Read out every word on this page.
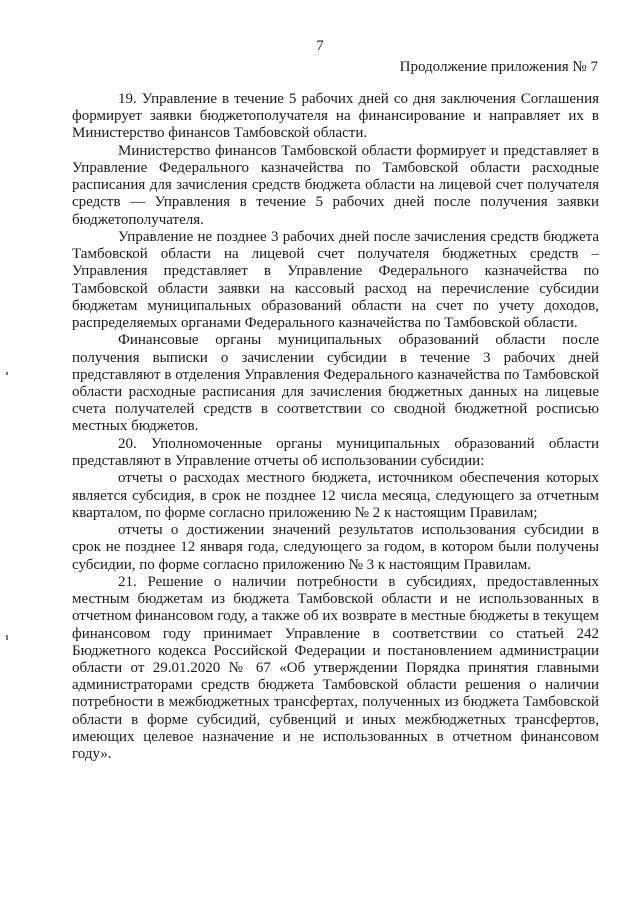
7
Продолжение приложения № 7

19. Управление в течение 5 рабочих дней со дня заключения Соглашения формирует заявки бюджетополучателя на финансирование и направляет их в Министерство финансов Тамбовской области.

Министерство финансов Тамбовской области формирует и представляет в Управление Федерального казначейства по Тамбовской области расходные расписания для зачисления средств бюджета области на лицевой счет получателя средств — Управления в течение 5 рабочих дней после получения заявки бюджетополучателя.

Управление не позднее 3 рабочих дней после зачисления средств бюджета Тамбовской области на лицевой счет получателя бюджетных средств – Управления представляет в Управление Федерального казначейства по Тамбовской области заявки на кассовый расход на перечисление субсидии бюджетам муниципальных образований области на счет по учету доходов, распределяемых органами Федерального казначейства по Тамбовской области.

Финансовые органы муниципальных образований области после получения выписки о зачислении субсидии в течение 3 рабочих дней представляют в отделения Управления Федерального казначейства по Тамбовской области расходные расписания для зачисления бюджетных данных на лицевые счета получателей средств в соответствии со сводной бюджетной росписью местных бюджетов.

20. Уполномоченные органы муниципальных образований области представляют в Управление отчеты об использовании субсидии:

отчеты о расходах местного бюджета, источником обеспечения которых является субсидия, в срок не позднее 12 числа месяца, следующего за отчетным кварталом, по форме согласно приложению № 2 к настоящим Правилам;

отчеты о достижении значений результатов использования субсидии в срок не позднее 12 января года, следующего за годом, в котором были получены субсидии, по форме согласно приложению № 3 к настоящим Правилам.

21. Решение о наличии потребности в субсидиях, предоставленных местным бюджетам из бюджета Тамбовской области и не использованных в отчетном финансовом году, а также об их возврате в местные бюджеты в текущем финансовом году принимает Управление в соответствии со статьей 242 Бюджетного кодекса Российской Федерации и постановлением администрации области от 29.01.2020 № 67 «Об утверждении Порядка принятия главными администраторами средств бюджета Тамбовской области решения о наличии потребности в межбюджетных трансфертах, полученных из бюджета Тамбовской области в форме субсидий, субвенций и иных межбюджетных трансфертов, имеющих целевое назначение и не использованных в отчетном финансовом году».
